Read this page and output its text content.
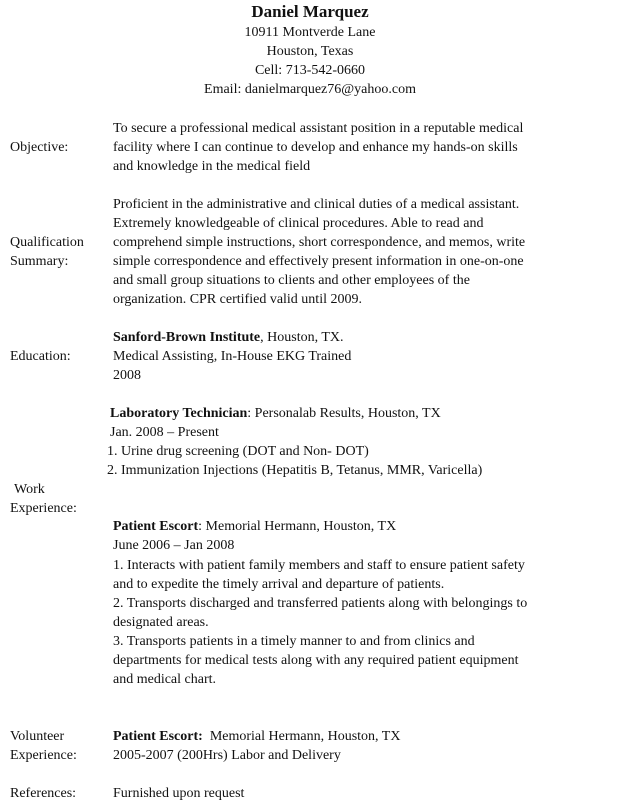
Daniel Marquez
10911 Montverde Lane
Houston, Texas
Cell: 713-542-0660
Email: danielmarquez76@yahoo.com
Objective:
To secure a professional medical assistant position in a reputable medical
facility where I can continue to develop and enhance my hands-on skills
and knowledge in the medical field
Qualification
Summary:
Proficient in the administrative and clinical duties of a medical assistant.
Extremely knowledgeable of clinical procedures. Able to read and
comprehend simple instructions, short correspondence, and memos, write
simple correspondence and effectively present information in one-on-one
and small group situations to clients and other employees of the
organization. CPR certified valid until 2009.
Education:
Sanford-Brown Institute, Houston, TX.
Medical Assisting, In-House EKG Trained
2008
Work
Experience:
Laboratory Technician: Personalab Results, Houston, TX
Jan. 2008 – Present
1. Urine drug screening (DOT and Non- DOT)
2. Immunization Injections (Hepatitis B, Tetanus, MMR, Varicella)
Patient Escort: Memorial Hermann, Houston, TX
June 2006 – Jan 2008
1. Interacts with patient family members and staff to ensure patient safety
and to expedite the timely arrival and departure of patients.
2. Transports discharged and transferred patients along with belongings to
designated areas.
3. Transports patients in a timely manner to and from clinics and
departments for medical tests along with any required patient equipment
and medical chart.
Volunteer
Experience:
Patient Escort:  Memorial Hermann, Houston, TX
2005-2007 (200Hrs) Labor and Delivery
References:	Furnished upon request
